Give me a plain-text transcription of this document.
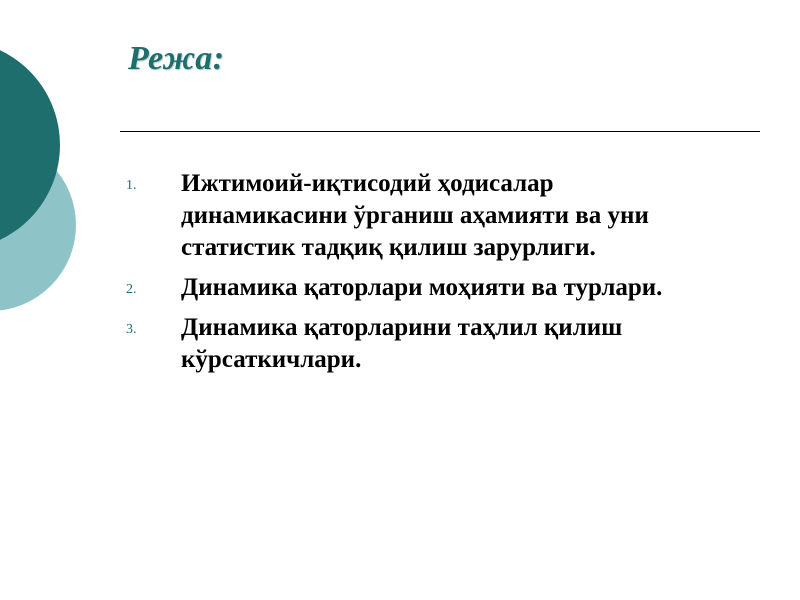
Режа:
1. Ижтимоий-иқтисодий ҳодисалар
динамикасини ўрганиш аҳамияти ва уни
статистик тадқиқ қилиш зарурлиги.
2. Динамика қаторлари моҳияти ва турлари.
3. Динамика қаторларини таҳлил қилиш
кўрсаткичлари.
